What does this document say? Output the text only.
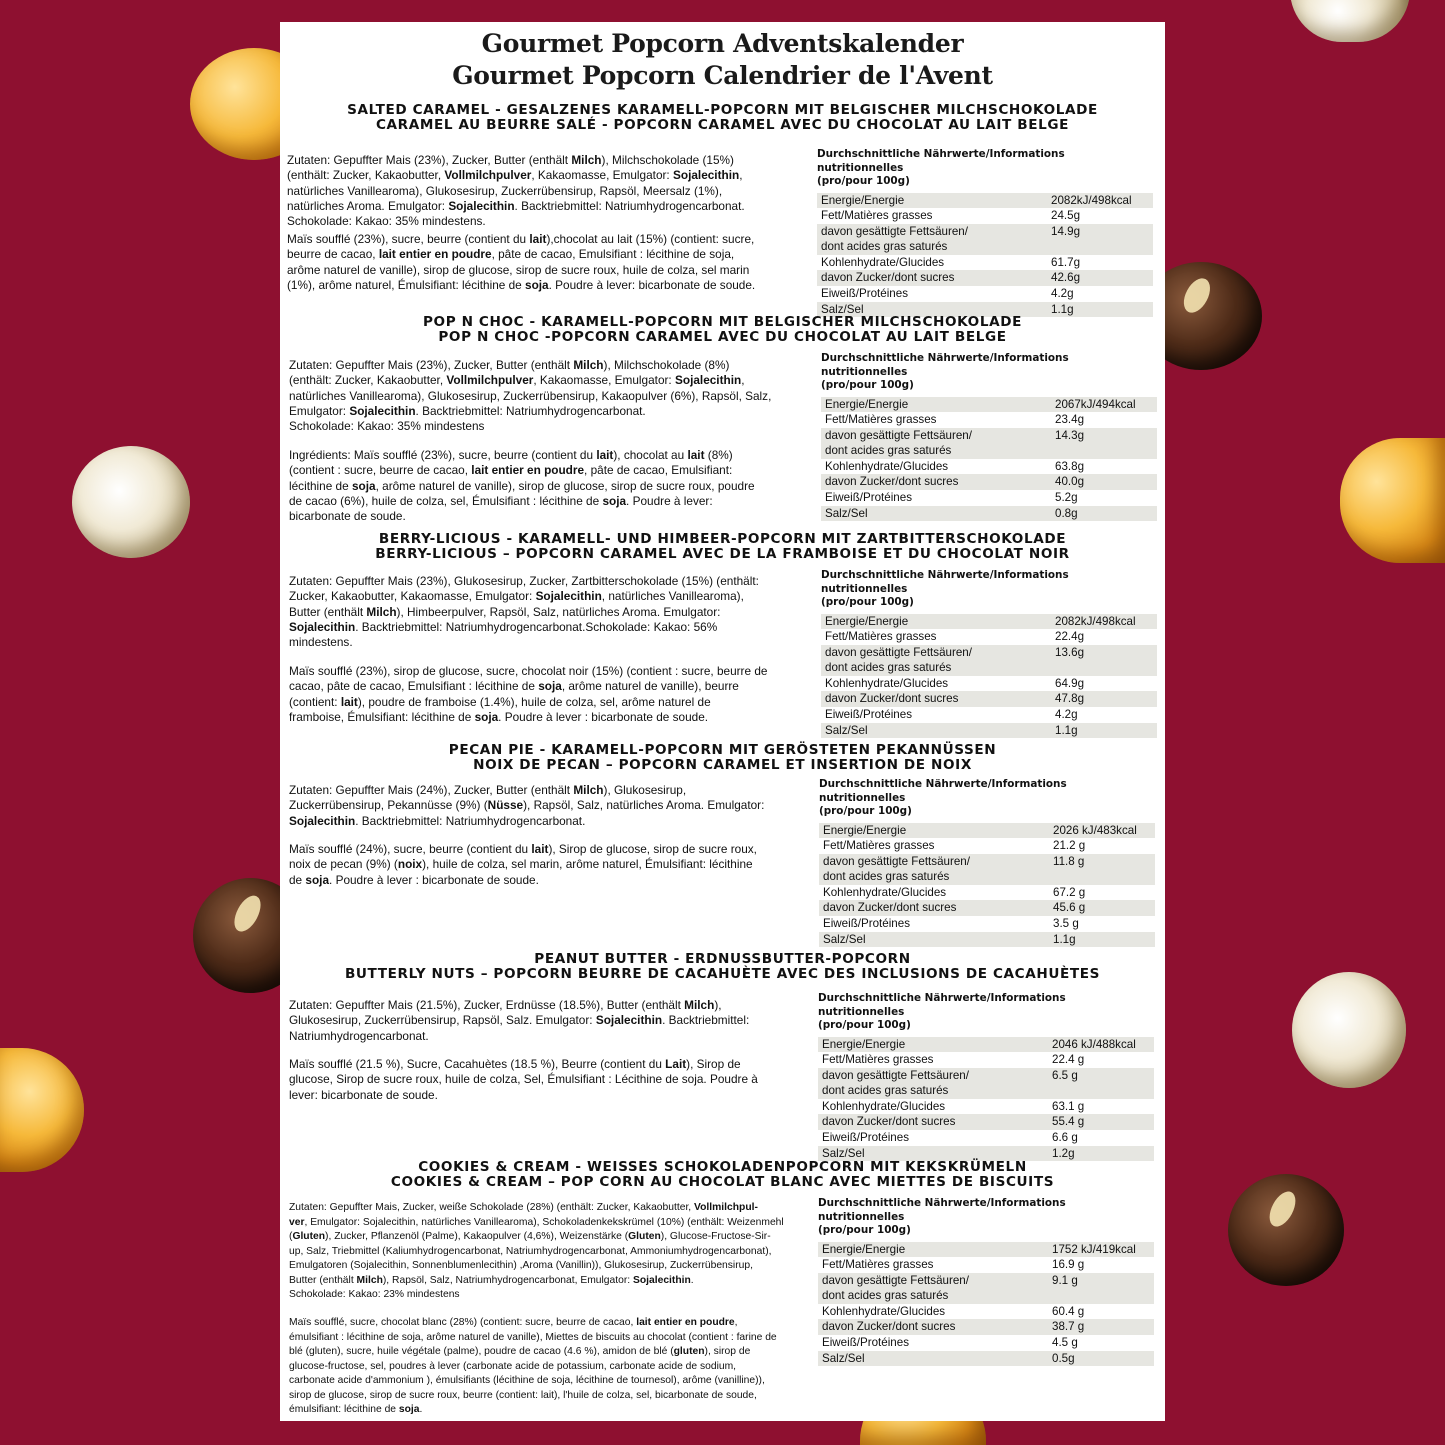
Gourmet Popcorn Adventskalender
Gourmet Popcorn Calendrier de l'Avent
SALTED CARAMEL - GESALZENES KARAMELL-POPCORN MIT BELGISCHER MILCHSCHOKOLADE
CARAMEL AU BEURRE SALÉ - POPCORN CARAMEL AVEC DU CHOCOLAT AU LAIT BELGE
Zutaten: Gepuffter Mais (23%), Zucker, Butter (enthält Milch), Milchschokolade (15%)
(enthält: Zucker, Kakaobutter, Vollmilchpulver, Kakaomasse, Emulgator: Sojalecithin,
natürliches Vanillearoma), Glukosesirup, Zuckerrübensirup, Rapsöl, Meersalz (1%),
natürliches Aroma. Emulgator: Sojalecithin. Backtriebmittel: Natriumhydrogencarbonat.
Schokolade: Kakao: 35% mindestens.
Maïs soufflé (23%), sucre, beurre (contient du lait),chocolat au lait (15%) (contient: sucre,
beurre de cacao, lait entier en poudre, pâte de cacao, Emulsifiant : lécithine de soja,
arôme naturel de vanille), sirop de glucose, sirop de sucre roux, huile de colza, sel marin
(1%), arôme naturel, Émulsifiant: lécithine de soja. Poudre à lever: bicarbonate de soude.
Durchschnittliche Nährwerte/Informations nutritionnelles
(pro/pour 100g)
Energie/Energie	2082kJ/498kcal
Fett/Matières grasses	24.5g
davon gesättigte Fettsäuren/
dont acides gras saturés
14.9g
Kohlenhydrate/Glucides	61.7g
davon Zucker/dont sucres	42.6g
Eiweiß/Protéines	4.2g
Salz/Sel	1.1g
POP N CHOC - KARAMELL-POPCORN MIT BELGISCHER MILCHSCHOKOLADE
POP N CHOC -POPCORN CARAMEL AVEC DU CHOCOLAT AU LAIT BELGE
Zutaten: Gepuffter Mais (23%), Zucker, Butter (enthält Milch), Milchschokolade (8%)
(enthält: Zucker, Kakaobutter, Vollmilchpulver, Kakaomasse, Emulgator: Sojalecithin,
natürliches Vanillearoma), Glukosesirup, Zuckerrübensirup, Kakaopulver (6%), Rapsöl, Salz,
Emulgator: Sojalecithin. Backtriebmittel: Natriumhydrogencarbonat.
Schokolade: Kakao: 35% mindestens
Ingrédients: Maïs soufflé (23%), sucre, beurre (contient du lait), chocolat au lait (8%)
(contient : sucre, beurre de cacao, lait entier en poudre, pâte de cacao, Emulsifiant:
lécithine de soja, arôme naturel de vanille), sirop de glucose, sirop de sucre roux, poudre
de cacao (6%), huile de colza, sel, Émulsifiant : lécithine de soja. Poudre à lever:
bicarbonate de soude.
Durchschnittliche Nährwerte/Informations nutritionnelles
(pro/pour 100g)
Energie/Energie	2067kJ/494kcal
Fett/Matières grasses	23.4g
davon gesättigte Fettsäuren/
dont acides gras saturés
14.3g
Kohlenhydrate/Glucides	63.8g
davon Zucker/dont sucres	40.0g
Eiweiß/Protéines	5.2g
Salz/Sel	0.8g
BERRY-LICIOUS - KARAMELL- UND HIMBEER-POPCORN MIT ZARTBITTERSCHOKOLADE
BERRY-LICIOUS – POPCORN CARAMEL AVEC DE LA FRAMBOISE ET DU CHOCOLAT NOIR
Zutaten: Gepuffter Mais (23%), Glukosesirup, Zucker, Zartbitterschokolade (15%) (enthält:
Zucker, Kakaobutter, Kakaomasse, Emulgator: Sojalecithin, natürliches Vanillearoma),
Butter (enthält Milch), Himbeerpulver, Rapsöl, Salz, natürliches Aroma. Emulgator:
Sojalecithin. Backtriebmittel: Natriumhydrogencarbonat.Schokolade: Kakao: 56%
mindestens.
Maïs soufflé (23%), sirop de glucose, sucre, chocolat noir (15%) (contient : sucre, beurre de
cacao, pâte de cacao, Emulsifiant : lécithine de soja, arôme naturel de vanille), beurre
(contient: lait), poudre de framboise (1.4%), huile de colza, sel, arôme naturel de
framboise, Émulsifiant: lécithine de soja. Poudre à lever : bicarbonate de soude.
Durchschnittliche Nährwerte/Informations nutritionnelles
(pro/pour 100g)
Energie/Energie	2082kJ/498kcal
Fett/Matières grasses	22.4g
davon gesättigte Fettsäuren/
dont acides gras saturés
13.6g
Kohlenhydrate/Glucides	64.9g
davon Zucker/dont sucres	47.8g
Eiweiß/Protéines	4.2g
Salz/Sel	1.1g
PECAN PIE - KARAMELL-POPCORN MIT GERÖSTETEN PEKANNÜSSEN
NOIX DE PECAN – POPCORN CARAMEL ET INSERTION DE NOIX
Zutaten: Gepuffter Mais (24%), Zucker, Butter (enthält Milch), Glukosesirup,
Zuckerrübensirup, Pekannüsse (9%) (Nüsse), Rapsöl, Salz, natürliches Aroma. Emulgator:
Sojalecithin. Backtriebmittel: Natriumhydrogencarbonat.
Maïs soufflé (24%), sucre, beurre (contient du lait), Sirop de glucose, sirop de sucre roux,
noix de pecan (9%) (noix), huile de colza, sel marin, arôme naturel, Émulsifiant: lécithine
de soja. Poudre à lever : bicarbonate de soude.
Durchschnittliche Nährwerte/Informations nutritionnelles
(pro/pour 100g)
Energie/Energie	2026 kJ/483kcal
Fett/Matières grasses	21.2 g
davon gesättigte Fettsäuren/
dont acides gras saturés
11.8 g
Kohlenhydrate/Glucides	67.2 g
davon Zucker/dont sucres	45.6 g
Eiweiß/Protéines	3.5 g
Salz/Sel	1.1g
PEANUT BUTTER - ERDNUSSBUTTER-POPCORN
BUTTERLY NUTS – POPCORN BEURRE DE CACAHUÈTE AVEC DES INCLUSIONS DE CACAHUÈTES
Zutaten: Gepuffter Mais (21.5%), Zucker, Erdnüsse (18.5%), Butter (enthält Milch),
Glukosesirup, Zuckerrübensirup, Rapsöl, Salz. Emulgator: Sojalecithin. Backtriebmittel:
Natriumhydrogencarbonat.
Maïs soufflé (21.5 %), Sucre, Cacahuètes (18.5 %), Beurre (contient du Lait), Sirop de
glucose, Sirop de sucre roux, huile de colza, Sel, Émulsifiant : Lécithine de soja. Poudre à
lever: bicarbonate de soude.
Durchschnittliche Nährwerte/Informations nutritionnelles
(pro/pour 100g)
Energie/Energie	2046 kJ/488kcal
Fett/Matières grasses	22.4 g
davon gesättigte Fettsäuren/
dont acides gras saturés
6.5 g
Kohlenhydrate/Glucides	63.1 g
davon Zucker/dont sucres	55.4 g
Eiweiß/Protéines	6.6 g
Salz/Sel	1.2g
COOKIES & CREAM - WEISSES SCHOKOLADENPOPCORN MIT KEKSKRÜMELN
COOKIES & CREAM – POP CORN AU CHOCOLAT BLANC AVEC MIETTES DE BISCUITS
Zutaten: Gepuffter Mais, Zucker, weiße Schokolade (28%) (enthält: Zucker, Kakaobutter, Vollmilchpul-
ver, Emulgator: Sojalecithin, natürliches Vanillearoma), Schokoladenkekskrümel (10%) (enthält: Weizenmehl
(Gluten), Zucker, Pflanzenöl (Palme), Kakaopulver (4,6%), Weizenstärke (Gluten), Glucose-Fructose-Sir-
up, Salz, Triebmittel (Kaliumhydrogencarbonat, Natriumhydrogencarbonat, Ammoniumhydrogencarbonat),
Emulgatoren (Sojalecithin, Sonnenblumenlecithin) ,Aroma (Vanillin)), Glukosesirup, Zuckerrübensirup,
Butter (enthält Milch), Rapsöl, Salz, Natriumhydrogencarbonat, Emulgator: Sojalecithin.
Schokolade: Kakao: 23% mindestens
Maïs soufflé, sucre, chocolat blanc (28%) (contient: sucre, beurre de cacao, lait entier en poudre,
émulsifiant : lécithine de soja, arôme naturel de vanille), Miettes de biscuits au chocolat (contient : farine de
blé (gluten), sucre, huile végétale (palme), poudre de cacao (4.6 %), amidon de blé (gluten), sirop de
glucose-fructose, sel, poudres à lever (carbonate acide de potassium, carbonate acide de sodium,
carbonate acide d'ammonium ), émulsifiants (lécithine de soja, lécithine de tournesol), arôme (vanilline)),
sirop de glucose, sirop de sucre roux, beurre (contient: lait), l'huile de colza, sel, bicarbonate de soude,
émulsifiant: lécithine de soja.
Durchschnittliche Nährwerte/Informations nutritionnelles
(pro/pour 100g)
Energie/Energie	1752 kJ/419kcal
Fett/Matières grasses	16.9 g
davon gesättigte Fettsäuren/
dont acides gras saturés
9.1 g
Kohlenhydrate/Glucides	60.4 g
davon Zucker/dont sucres	38.7 g
Eiweiß/Protéines	4.5 g
Salz/Sel	0.5g
